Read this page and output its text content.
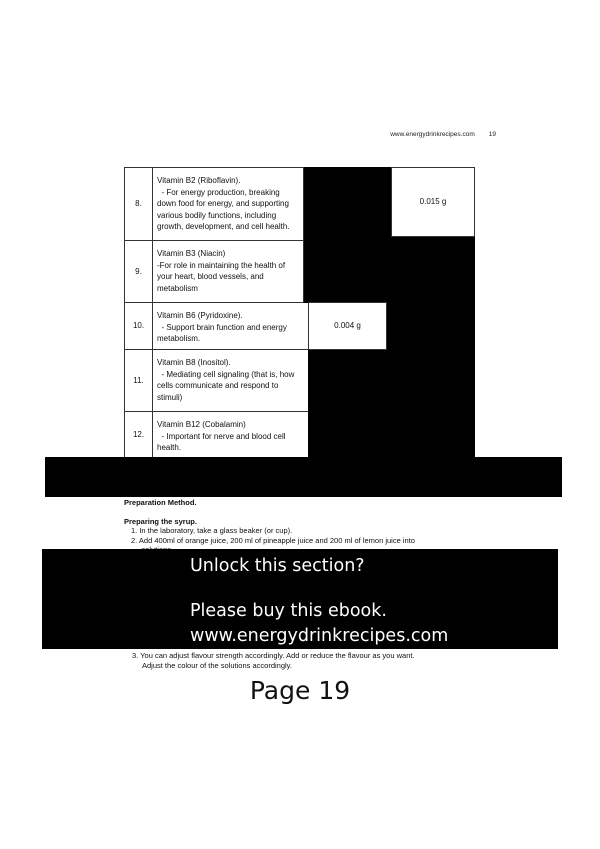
www.energydrinkrecipes.com 19
8.
Vitamin B2 (Riboflavin).
- For energy production, breaking
down food for energy, and supporting
various bodily functions, including
growth, development, and cell health.
9.
Vitamin B3 (Niacin)
-For role in maintaining the health of
your heart, blood vessels, and
metabolism
10.
Vitamin B6 (Pyridoxine).
- Support brain function and energy
metabolism.
11.
Vitamin B8 (Inositol).
- Mediating cell signaling (that is, how
cells communicate and respond to
stimuli)
12.
Vitamin B12 (Cobalamin)
- Important for nerve and blood cell
health.
0.015 g
0.004 g
Preparation Method.
Preparing the syrup.
1. In the laboratory, take a glass beaker (or cup).
2. Add 400ml of orange juice, 200 ml of pineapple juice and 200 ml of lemon juice into
Unlock this section?
Please buy this ebook.
www.energydrinkrecipes.com
3. You can adjust flavour strength accordingly. Add or reduce the flavour as you want.
Adjust the colour of the solutions accordingly.
Page 19
